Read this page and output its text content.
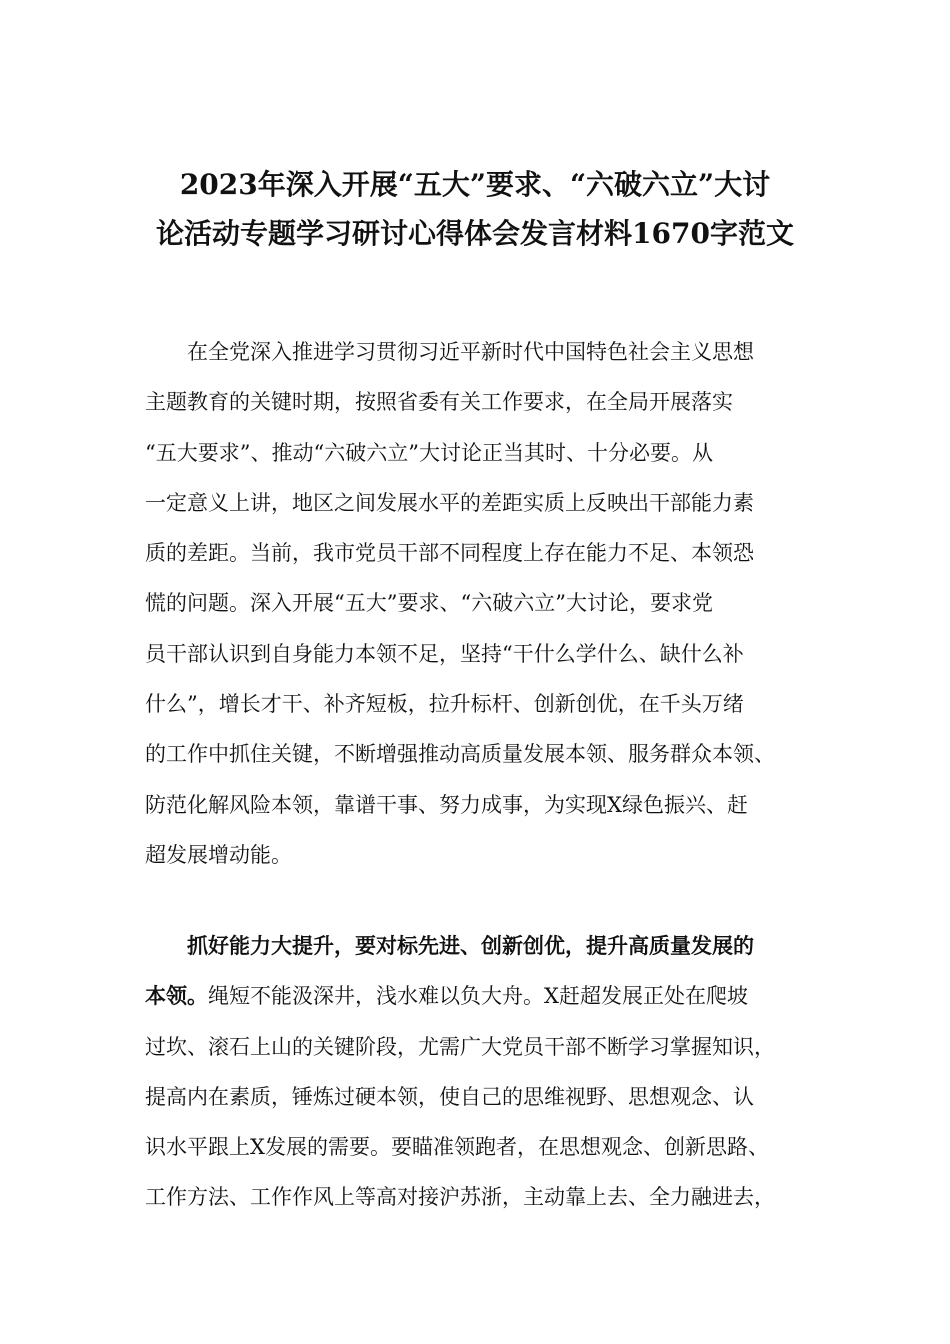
2023年深入开展“五大”要求、“六破六立”大讨
论活动专题学习研讨心得体会发言材料1670字范文
在全党深入推进学习贯彻习近平新时代中国特色社会主义思想
主题教育的关键时期，按照省委有关工作要求，在全局开展落实
“五大要求”、推动“六破六立”大讨论正当其时、十分必要。从
一定意义上讲，地区之间发展水平的差距实质上反映出干部能力素
质的差距。当前，我市党员干部不同程度上存在能力不足、本领恐
慌的问题。深入开展“五大”要求、“六破六立”大讨论，要求党
员干部认识到自身能力本领不足，坚持“干什么学什么、缺什么补
什么”，增长才干、补齐短板，拉升标杆、创新创优，在千头万绪
的工作中抓住关键，不断增强推动高质量发展本领、服务群众本领、
防范化解风险本领，靠谱干事、努力成事，为实现X绿色振兴、赶
超发展增动能。
抓好能力大提升，要对标先进、创新创优，提升高质量发展的
本领。绳短不能汲深井，浅水难以负大舟。X赶超发展正处在爬坡
过坎、滚石上山的关键阶段，尤需广大党员干部不断学习掌握知识，
提高内在素质，锤炼过硬本领，使自己的思维视野、思想观念、认
识水平跟上X发展的需要。要瞄准领跑者，在思想观念、创新思路、
工作方法、工作作风上等高对接沪苏浙，主动靠上去、全力融进去，
